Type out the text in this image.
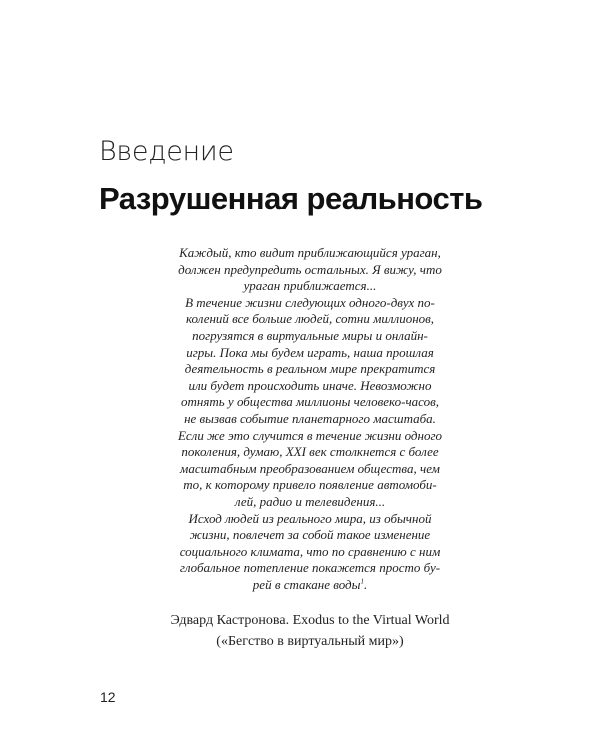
Введение
Разрушенная реальность
Каждый, кто видит приближающийся ураган,
должен предупредить остальных. Я вижу, что
ураган приближается...
В течение жизни следующих одного-двух по-
колений все больше людей, сотни миллионов,
погрузятся в виртуальные миры и онлайн-
игры. Пока мы будем играть, наша прошлая
деятельность в реальном мире прекратится
или будет происходить иначе. Невозможно
отнять у общества миллионы человеко-часов,
не вызвав событие планетарного масштаба.
Если же это случится в течение жизни одного
поколения, думаю, XXI век столкнется с более
масштабным преобразованием общества, чем
то, к которому привело появление автомоби-
лей, радио и телевидения...
Исход людей из реального мира, из обычной
жизни, повлечет за собой такое изменение
социального климата, что по сравнению с ним
глобальное потепление покажется просто бу-
рей в стакане воды$^1$.
Эдвард Кастронова. Exodus to the Virtual World
(«Бегство в виртуальный мир»)
12
